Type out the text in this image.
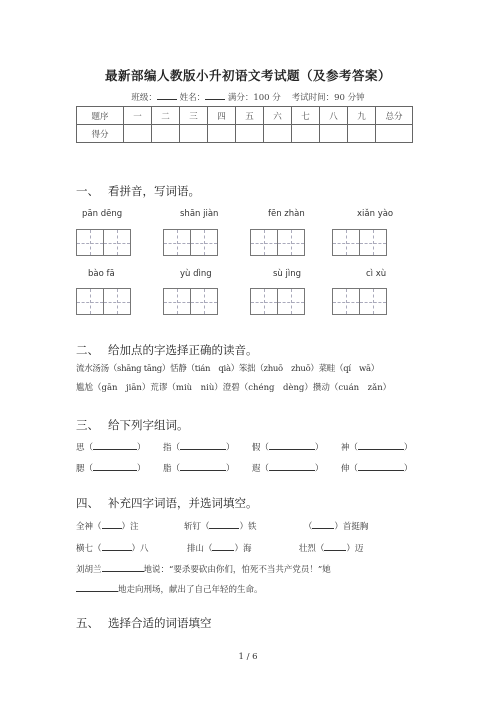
最新部编人教版小升初语文考试题（及参考答案）
班级：	姓名：	满分：100 分 考试时间：90 分钟
题序	一	二	三	四	五	六	七	八	九	总分
得分										
一、 看拼音，写词语。
pān dēng	shān jiàn	fēn zhàn	xiǎn yào
bào fā	yù dìng	sù jìng	cì xù
二、 给加点的字选择正确的读音。
流水汤汤（shāng tāng）恬静（tián　qià）笨拙（zhuō　zhuō）菜畦（qí　wā）
尴尬（gān　jiān）荒谬（miù　niù）澄碧（chéng　dèng）攒动（cuán　zǎn）
三、 给下列字组词。
思（	） 指（	） 假（	） 神（	）
腮（	） 脂（	） 遐（	） 伸（	）
四、 补充四字词语，并选词填空。
全神（ ）注	斩钉（	）铁	（	）首挺胸
横七（	）八	排山（	）海	壮烈（	）迈
刘胡兰	地说：“要杀要砍由你们，怕死不当共产党员！”她
地走向刑场，献出了自己年轻的生命。
五、 选择合适的词语填空
1 / 6
